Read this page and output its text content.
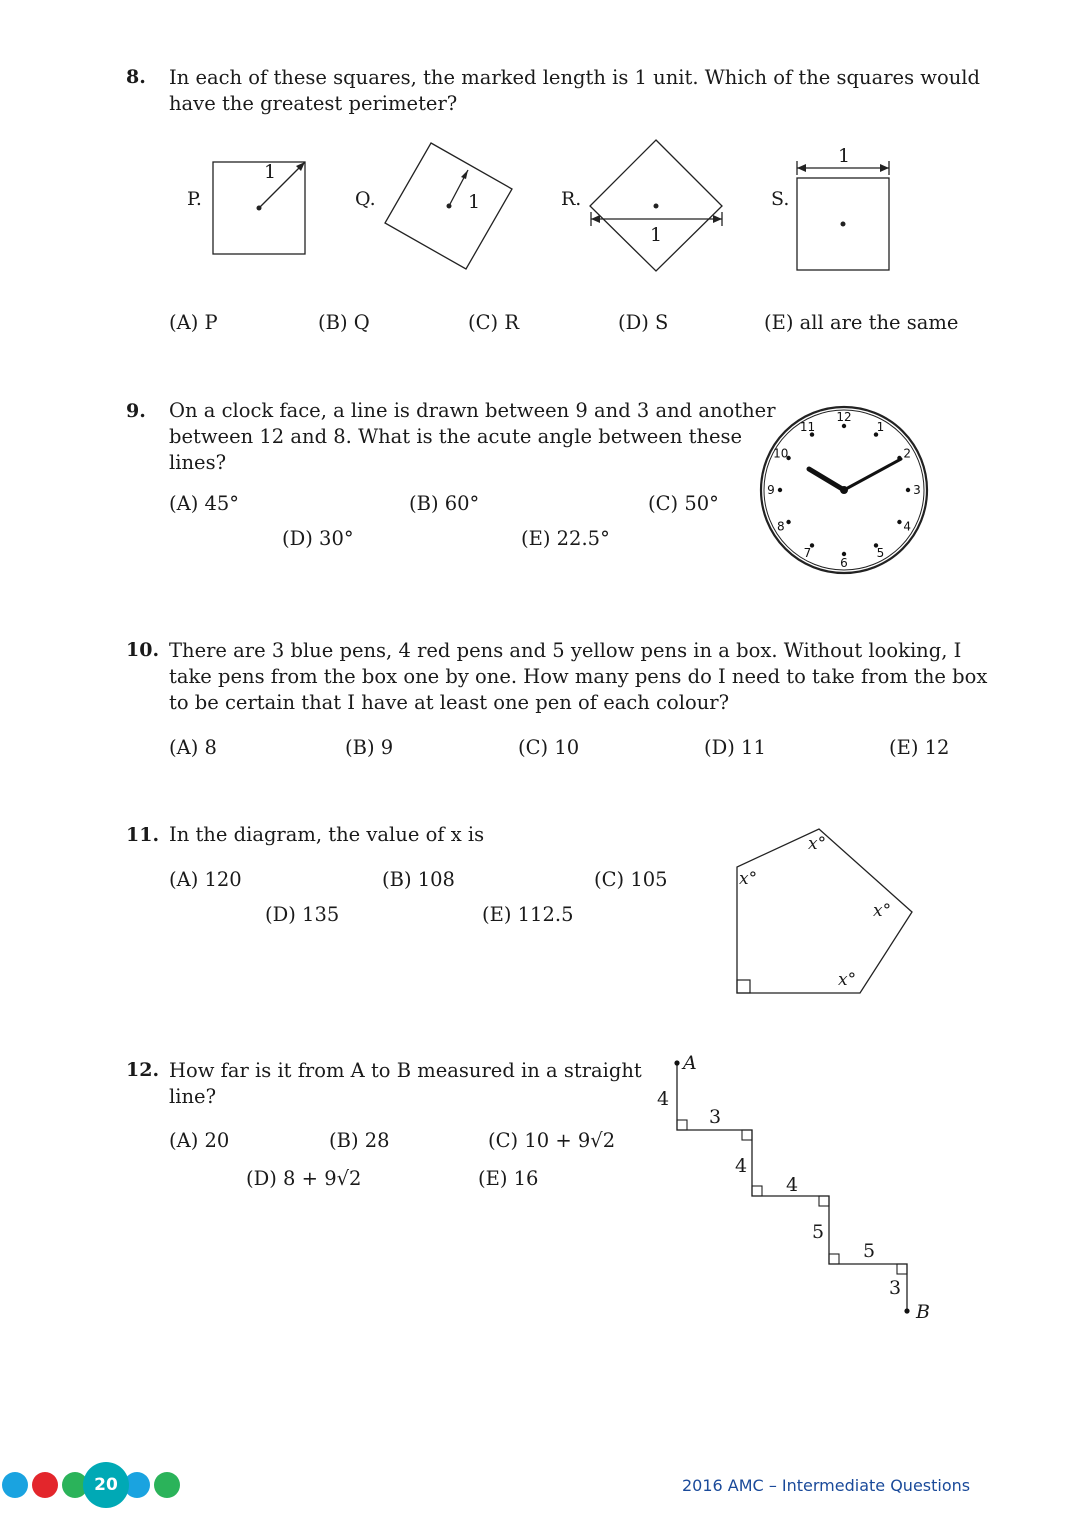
8. In each of these squares, the marked length is 1 unit. Which of the squares would
have the greatest perimeter?
P.	Q.	R.	S.
1
1
1
1
(A) P	(B) Q	(C) R	(D) S	(E) all are the same
9. On a clock face, a line is drawn between 9 and 3 and another
between 12 and 8. What is the acute angle between these
lines?
(A) 45°	(B) 60°	(C) 50°
(D) 30°	(E) 22.5°
12
1
2
3
4
5
6
7
8
9
10
11
10. There are 3 blue pens, 4 red pens and 5 yellow pens in a box. Without looking, I
take pens from the box one by one. How many pens do I need to take from the box
to be certain that I have at least one pen of each colour?
(A) 8	(B) 9	(C) 10	(D) 11	(E) 12
11. In the diagram, the value of x is
(A) 120	(B) 108	(C) 105
(D) 135	(E) 112.5
x°
x°
x°
x°
12. How far is it from A to B measured in a straight
line?
(A) 20	(B) 28	(C) 10 + 9√2
(D) 8 + 9√2	(E) 16
A
B
4
3
4
4
5
5
3
20	2016 AMC – Intermediate Questions
